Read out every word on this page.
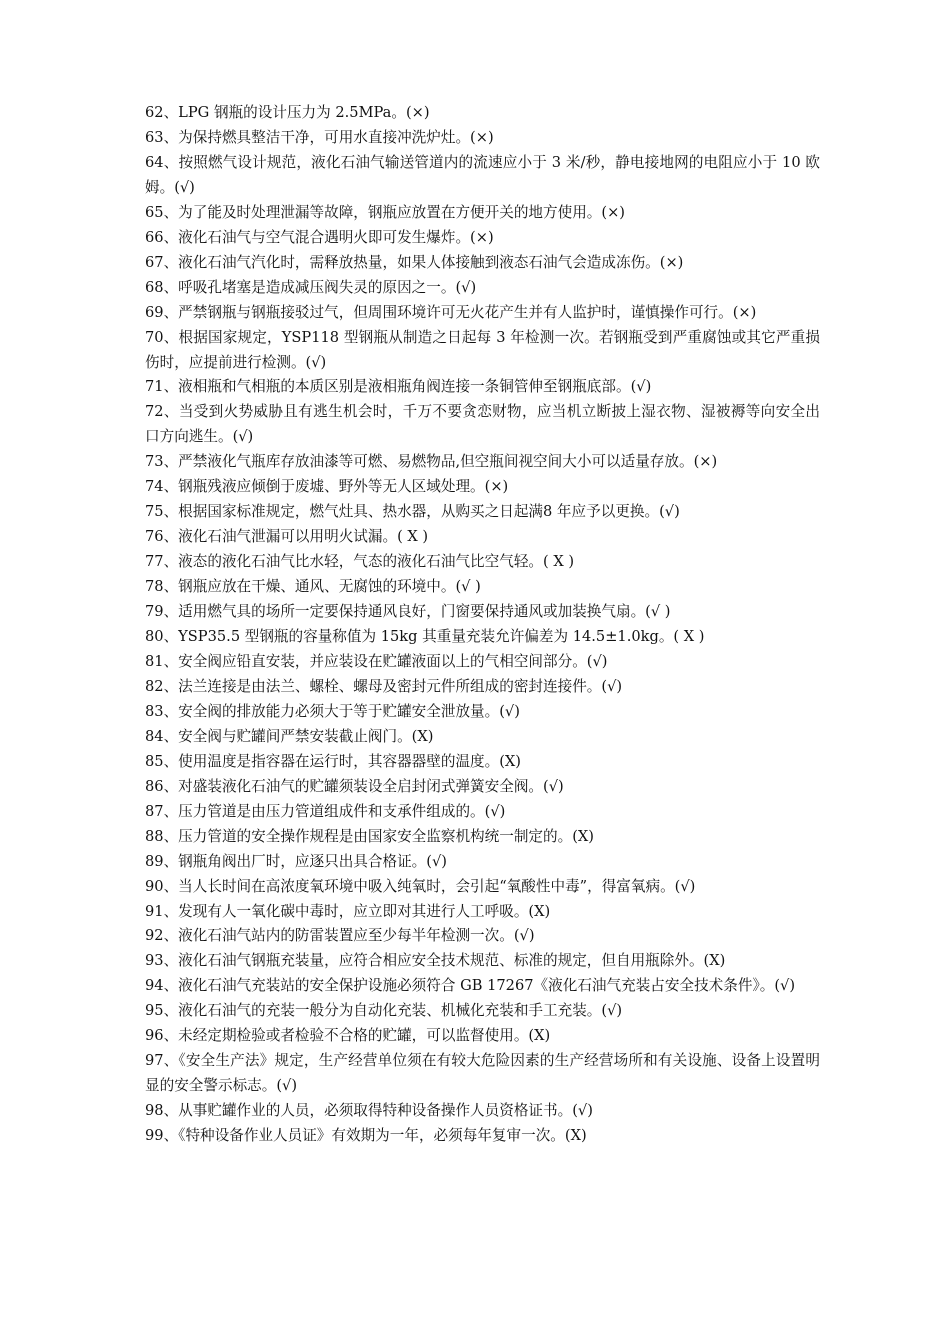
62、LPG 钢瓶的设计压力为 2.5MPa。(×)

63、为保持燃具整洁干净，可用水直接冲洗炉灶。(×)

64、按照燃气设计规范，液化石油气输送管道内的流速应小于 3 米/秒，静电接地网的电阻应小于 10 欧姆。(√)

65、为了能及时处理泄漏等故障，钢瓶应放置在方便开关的地方使用。(×)

66、液化石油气与空气混合遇明火即可发生爆炸。(×)

67、液化石油气汽化时，需释放热量，如果人体接触到液态石油气会造成冻伤。(×)

68、呼吸孔堵塞是造成减压阀失灵的原因之一。(√)

69、严禁钢瓶与钢瓶接驳过气，但周围环境许可无火花产生并有人监护时，谨慎操作可行。(×)

70、根据国家规定，YSP118 型钢瓶从制造之日起每 3 年检测一次。若钢瓶受到严重腐蚀或其它严重损伤时，应提前进行检测。(√)

71、液相瓶和气相瓶的本质区别是液相瓶角阀连接一条铜管伸至钢瓶底部。(√)

72、当受到火势威胁且有逃生机会时，千万不要贪恋财物，应当机立断披上湿衣物、湿被褥等向安全出口方向逃生。(√)

73、严禁液化气瓶库存放油漆等可燃、易燃物品,但空瓶间视空间大小可以适量存放。(×)

74、钢瓶残液应倾倒于废墟、野外等无人区域处理。(×)

75、根据国家标准规定，燃气灶具、热水器，从购买之日起满8 年应予以更换。(√)

76、液化石油气泄漏可以用明火试漏。( X )

77、液态的液化石油气比水轻，气态的液化石油气比空气轻。( X )

78、钢瓶应放在干燥、通风、无腐蚀的环境中。(√ )

79、适用燃气具的场所一定要保持通风良好，门窗要保持通风或加装换气扇。(√ )

80、YSP35.5 型钢瓶的容量称值为 15kg 其重量充装允许偏差为 14.5±1.0kg。( X )

81、安全阀应铅直安装，并应装设在贮罐液面以上的气相空间部分。(√)

82、法兰连接是由法兰、螺栓、螺母及密封元件所组成的密封连接件。(√)

83、安全阀的排放能力必须大于等于贮罐安全泄放量。(√)

84、安全阀与贮罐间严禁安装截止阀门。(X)

85、使用温度是指容器在运行时，其容器器壁的温度。(X)

86、对盛装液化石油气的贮罐须装设全启封闭式弹簧安全阀。(√)

87、压力管道是由压力管道组成件和支承件组成的。(√)

88、压力管道的安全操作规程是由国家安全监察机构统一制定的。(X)

89、钢瓶角阀出厂时，应逐只出具合格证。(√)

90、当人长时间在高浓度氧环境中吸入纯氧时，会引起“氧酸性中毒”，得富氧病。(√)

91、发现有人一氧化碳中毒时，应立即对其进行人工呼吸。(X)

92、液化石油气站内的防雷装置应至少每半年检测一次。(√)

93、液化石油气钢瓶充装量，应符合相应安全技术规范、标准的规定，但自用瓶除外。(X)

94、液化石油气充装站的安全保护设施必须符合 GB 17267《液化石油气充装占安全技术条件》。(√)

95、液化石油气的充装一般分为自动化充装、机械化充装和手工充装。(√)

96、未经定期检验或者检验不合格的贮罐，可以监督使用。(X)

97、《安全生产法》规定，生产经营单位须在有较大危险因素的生产经营场所和有关设施、设备上设置明显的安全警示标志。(√)

98、从事贮罐作业的人员，必须取得特种设备操作人员资格证书。(√)

99、《特种设备作业人员证》有效期为一年，必须每年复审一次。(X)
